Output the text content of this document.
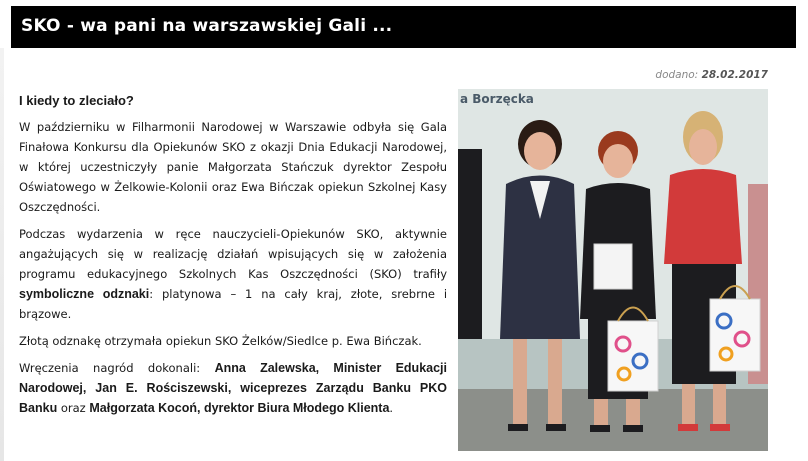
SKO - wa pani na warszawskiej Gali ...
dodano: 28.02.2017
I kiedy to zleciało?

W październiku w Filharmonii Narodowej w Warszawie odbyła się Gala Finałowa Konkursu dla Opiekunów SKO z okazji Dnia Edukacji Narodowej, w której uczestniczyły panie Małgorzata Stańczuk dyrektor Zespołu Oświatowego w Żelkowie-Kolonii oraz Ewa Bińczak opiekun Szkolnej Kasy Oszczędności.

Podczas wydarzenia w ręce nauczycieli-Opiekunów SKO, aktywnie angażujących się w realizację działań wpisujących się w założenia programu edukacyjnego Szkolnych Kas Oszczędności (SKO) trafiły symboliczne odznaki: platynowa – 1 na cały kraj, złote, srebrne i brązowe.

Złotą odznakę otrzymała opiekun SKO Żelków/Siedlce p. Ewa Bińczak.

Wręczenia nagród dokonali: Anna Zalewska, Minister Edukacji Narodowej, Jan E. Rościszewski, wiceprezes Zarządu Banku PKO Banku oraz Małgorzata Kocoń, dyrektor Biura Młodego Klienta.

a Borzęcka
